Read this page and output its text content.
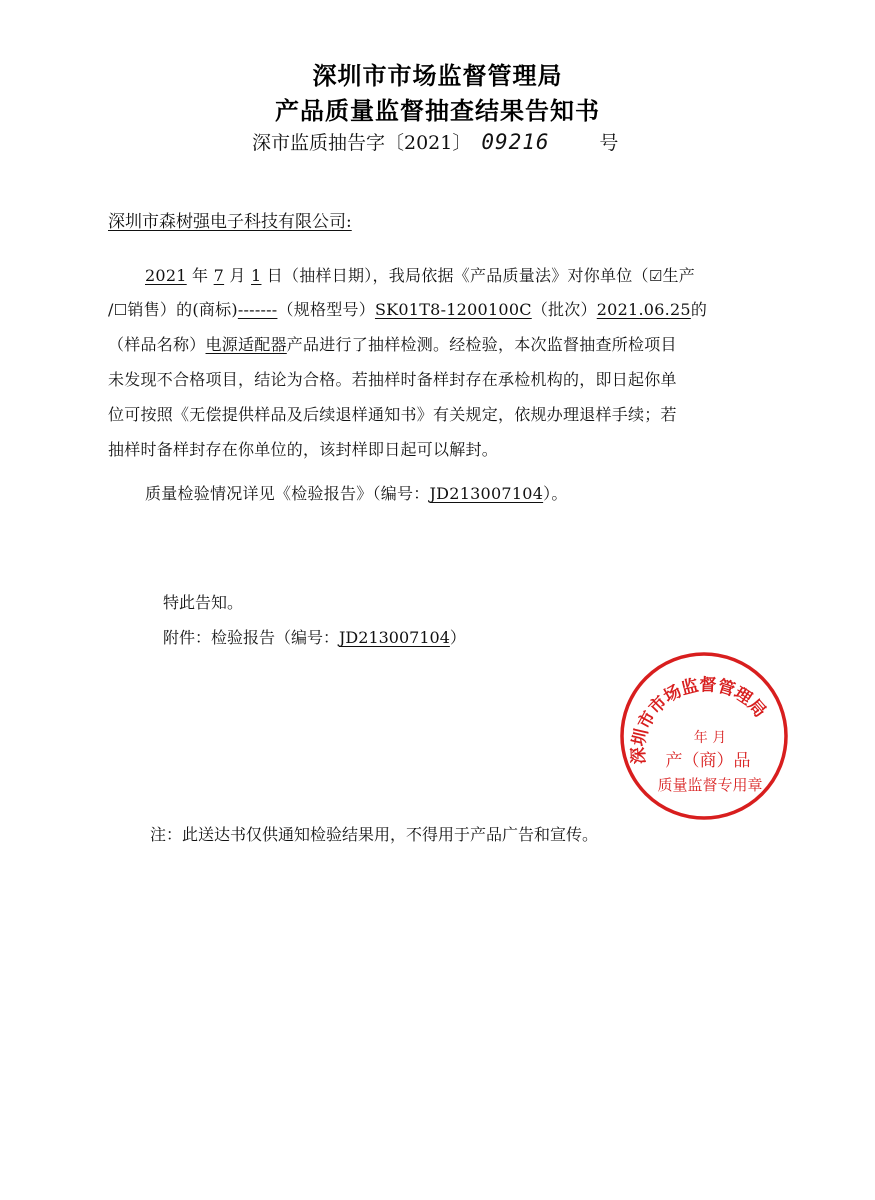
深圳市市场监督管理局
产品质量监督抽查结果告知书
深市监质抽告字〔2021〕 09216	号
深圳市森树强电子科技有限公司:
2021 年 7 月 1 日（抽样日期），我局依据《产品质量法》对你单位（☑生产
/☐销售）的(商标)-------（规格型号）SK01T8-1200100C（批次）2021.06.25的
（样品名称）电源适配器产品进行了抽样检测。经检验，本次监督抽查所检项目
未发现不合格项目，结论为合格。若抽样时备样封存在承检机构的，即日起你单
位可按照《无偿提供样品及后续退样通知书》有关规定，依规办理退样手续；若
抽样时备样封存在你单位的，该封样即日起可以解封。
质量检验情况详见《检验报告》（编号：JD213007104）。
特此告知。
附件：检验报告（编号：JD213007104）
深圳市市场监督管理局
年 月
产（商）品
质量监督专用章
注：此送达书仅供通知检验结果用，不得用于产品广告和宣传。
